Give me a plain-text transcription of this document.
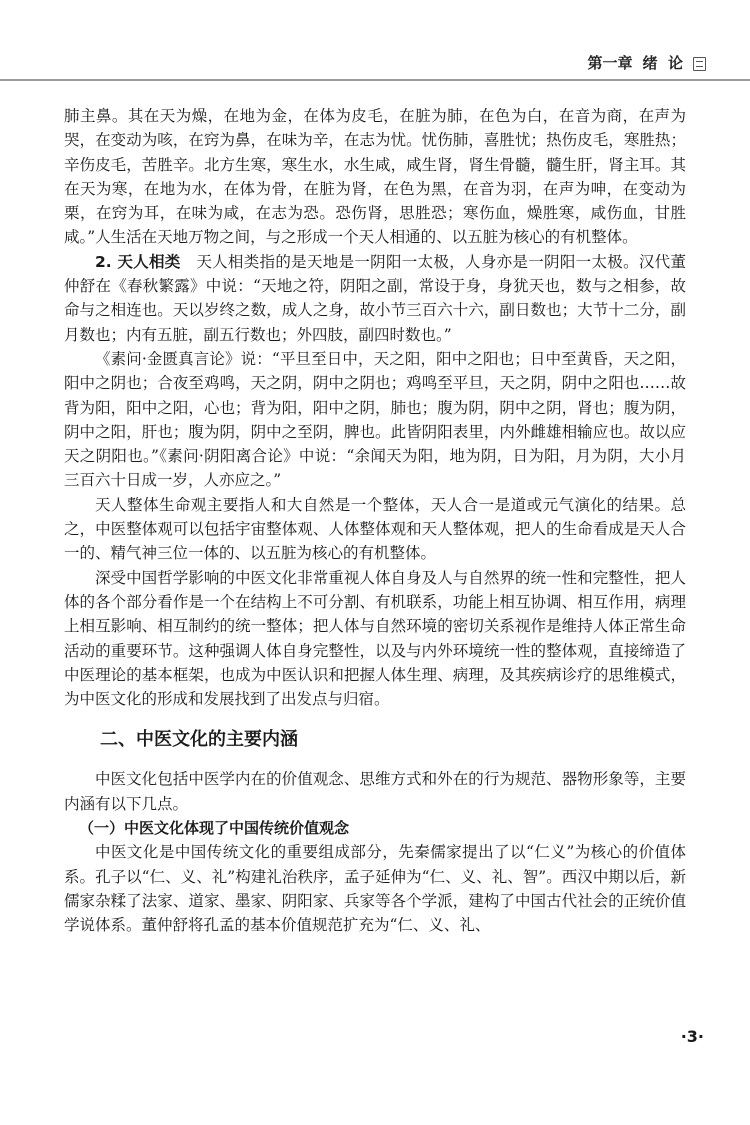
第一章 绪  论

肺主鼻。其在天为燥，在地为金，在体为皮毛，在脏为肺，在色为白，在音为商，在声为哭，在变动为咳，在窍为鼻，在味为辛，在志为忧。忧伤肺，喜胜忧；热伤皮毛，寒胜热；辛伤皮毛，苦胜辛。北方生寒，寒生水，水生咸，咸生肾，肾生骨髓，髓生肝，肾主耳。其在天为寒，在地为水，在体为骨，在脏为肾，在色为黑，在音为羽，在声为呻，在变动为栗，在窍为耳，在味为咸，在志为恐。恐伤肾，思胜恐；寒伤血，燥胜寒，咸伤血，甘胜咸。”人生活在天地万物之间，与之形成一个天人相通的、以五脏为核心的有机整体。

2. 天人相类 天人相类指的是天地是一阴阳一太极，人身亦是一阴阳一太极。汉代董仲舒在《春秋繁露》中说：“天地之符，阴阳之副，常设于身，身犹天也，数与之相参，故命与之相连也。天以岁终之数，成人之身，故小节三百六十六，副日数也；大节十二分，副月数也；内有五脏，副五行数也；外四肢，副四时数也。”

《素问·金匮真言论》说：“平旦至日中，天之阳，阳中之阳也；日中至黄昏，天之阳，阳中之阴也；合夜至鸡鸣，天之阴，阴中之阴也；鸡鸣至平旦，天之阴，阴中之阳也……故背为阳，阳中之阳，心也；背为阳，阳中之阴，肺也；腹为阴，阴中之阴，肾也；腹为阴，阴中之阳，肝也；腹为阴，阴中之至阴，脾也。此皆阴阳表里，内外雌雄相输应也。故以应天之阴阳也。”《素问·阴阳离合论》中说：“余闻天为阳，地为阴，日为阳，月为阴，大小月三百六十日成一岁，人亦应之。”

天人整体生命观主要指人和大自然是一个整体，天人合一是道或元气演化的结果。总之，中医整体观可以包括宇宙整体观、人体整体观和天人整体观，把人的生命看成是天人合一的、精气神三位一体的、以五脏为核心的有机整体。

深受中国哲学影响的中医文化非常重视人体自身及人与自然界的统一性和完整性，把人体的各个部分看作是一个在结构上不可分割、有机联系，功能上相互协调、相互作用，病理上相互影响、相互制约的统一整体；把人体与自然环境的密切关系视作是维持人体正常生命活动的重要环节。这种强调人体自身完整性，以及与内外环境统一性的整体观，直接缔造了中医理论的基本框架，也成为中医认识和把握人体生理、病理，及其疾病诊疗的思维模式，为中医文化的形成和发展找到了出发点与归宿。

二、中医文化的主要内涵

中医文化包括中医学内在的价值观念、思维方式和外在的行为规范、器物形象等，主要内涵有以下几点。

（一）中医文化体现了中国传统价值观念

中医文化是中国传统文化的重要组成部分，先秦儒家提出了以“仁义”为核心的价值体系。孔子以“仁、义、礼”构建礼治秩序，孟子延伸为“仁、义、礼、智”。西汉中期以后，新儒家杂糅了法家、道家、墨家、阴阳家、兵家等各个学派，建构了中国古代社会的正统价值学说体系。董仲舒将孔孟的基本价值规范扩充为“仁、义、礼、

·3·
